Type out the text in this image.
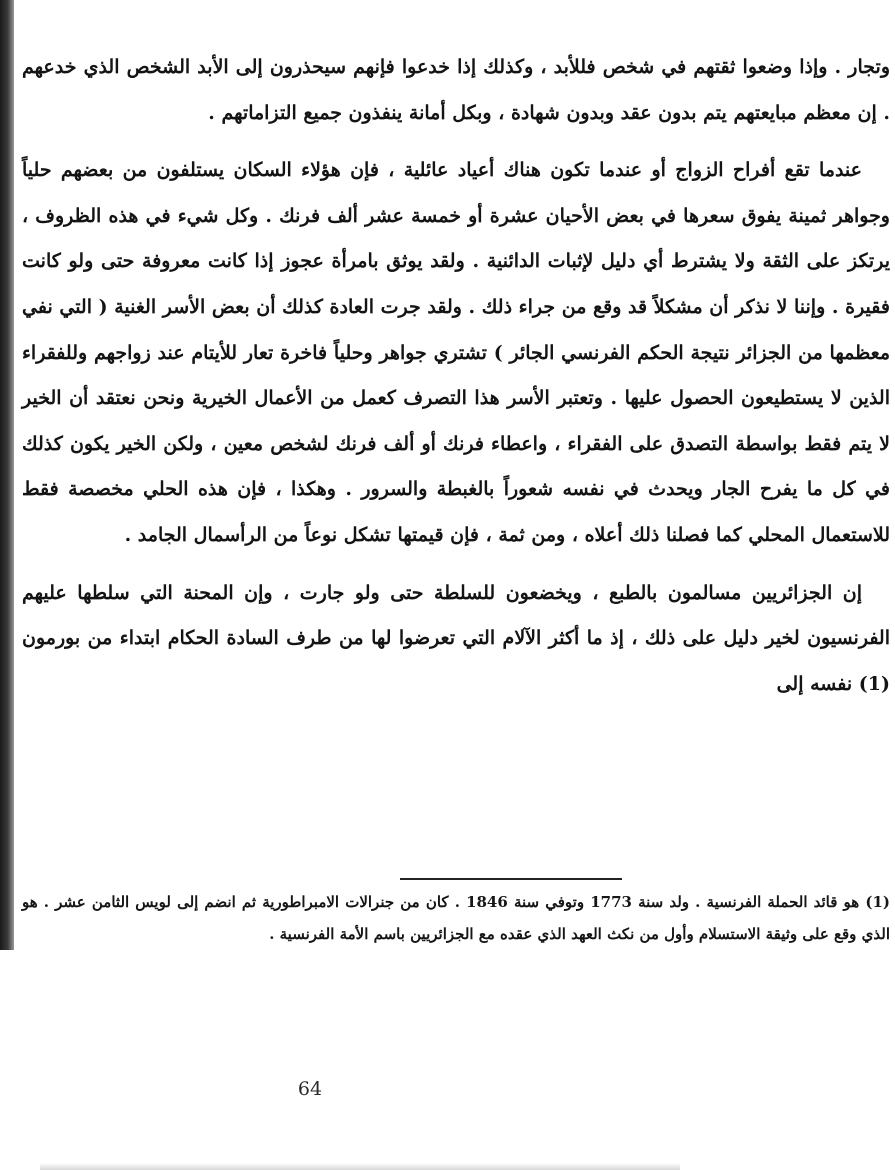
وتجار . وإذا وضعوا ثقتهم في شخص فللأبد ، وكذلك إذا خدعوا فإنهم سيحذرون إلى الأبد الشخص الذي خدعهم . إن معظم مبايعتهم يتم بدون عقد وبدون شهادة ، وبكل أمانة ينفذون جميع التزاماتهم .

عندما تقع أفراح الزواج أو عندما تكون هناك أعياد عائلية ، فإن هؤلاء السكان يستلفون من بعضهم حلياً وجواهر ثمينة يفوق سعرها في بعض الأحيان عشرة أو خمسة عشر ألف فرنك . وكل شيء في هذه الظروف ، يرتكز على الثقة ولا يشترط أي دليل لإثبات الدائنية . ولقد يوثق بامرأة عجوز إذا كانت معروفة حتى ولو كانت فقيرة . وإننا لا نذكر أن مشكلاً قد وقع من جراء ذلك . ولقد جرت العادة كذلك أن بعض الأسر الغنية ( التي نفي معظمها من الجزائر نتيجة الحكم الفرنسي الجائر ) تشتري جواهر وحلياً فاخرة تعار للأيتام عند زواجهم وللفقراء الذين لا يستطيعون الحصول عليها . وتعتبر الأسر هذا التصرف كعمل من الأعمال الخيرية ونحن نعتقد أن الخير لا يتم فقط بواسطة التصدق على الفقراء ، واعطاء فرنك أو ألف فرنك لشخص معين ، ولكن الخير يكون كذلك في كل ما يفرح الجار ويحدث في نفسه شعوراً بالغبطة والسرور . وهكذا ، فإن هذه الحلي مخصصة فقط للاستعمال المحلي كما فصلنا ذلك أعلاه ، ومن ثمة ، فإن قيمتها تشكل نوعاً من الرأسمال الجامد .

إن الجزائريين مسالمون بالطبع ، ويخضعون للسلطة حتى ولو جارت ، وإن المحنة التي سلطها عليهم الفرنسيون لخير دليل على ذلك ، إذ ما أكثر الآلام التي تعرضوا لها من طرف السادة الحكام ابتداء من بورمون (1) نفسه إلى

(1) هو قائد الحملة الفرنسية . ولد سنة 1773 وتوفي سنة 1846 . كان من جنرالات الامبراطورية ثم انضم إلى لويس الثامن عشر . هو الذي وقع على وثيقة الاستسلام وأول من نكث العهد الذي عقده مع الجزائريين باسم الأمة الفرنسية .

64
